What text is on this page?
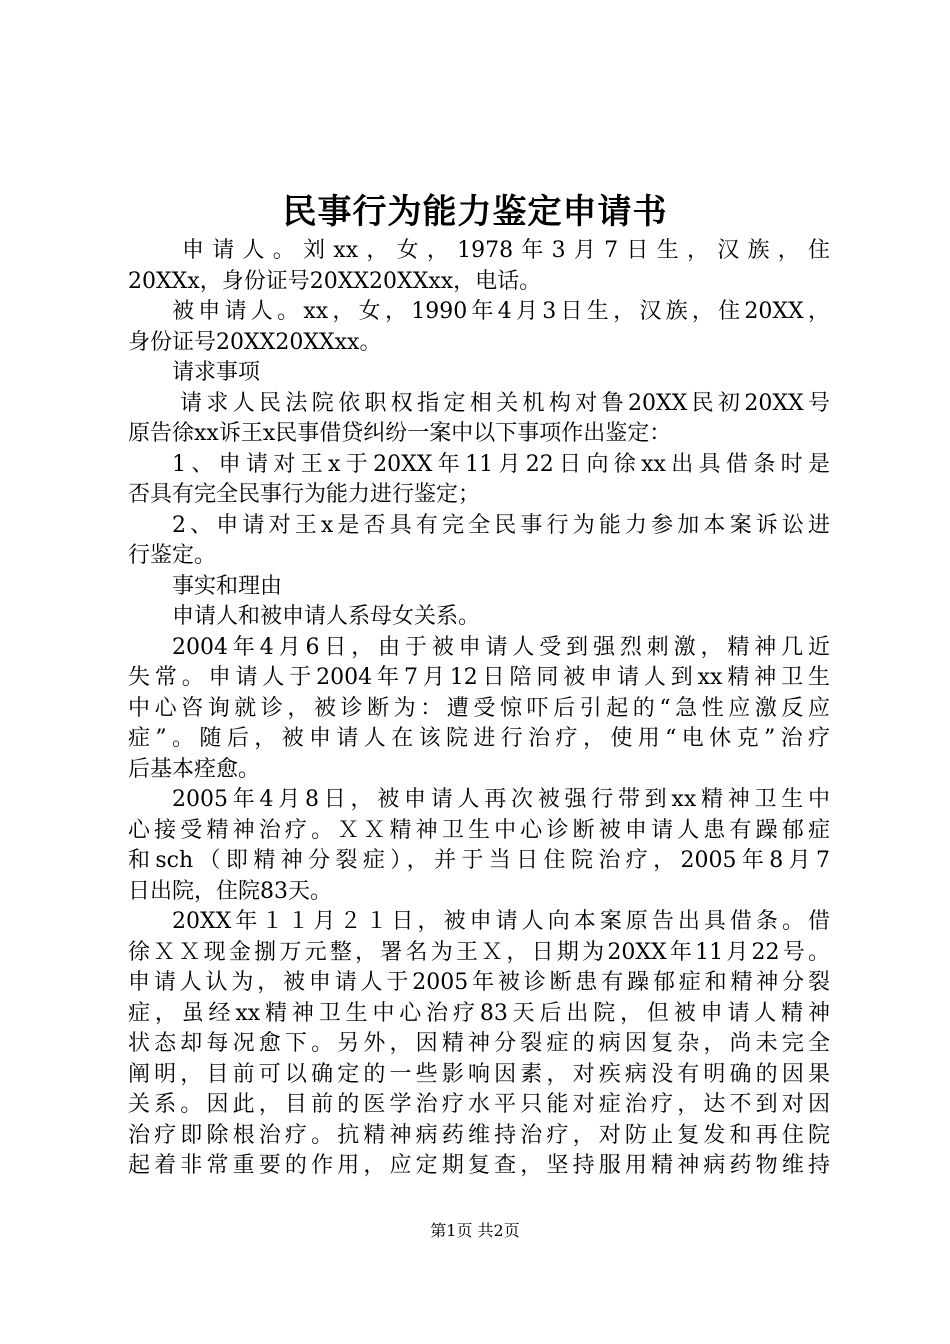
民事行为能力鉴定申请书
申请人。刘xx，女，1978年3月7日生，汉族，住
20XXx，身份证号20XX20XXxx，电话。
被申请人。xx，女，1990年4月3日生，汉族，住20XX，
身份证号20XX20XXxx。
请求事项
请求人民法院依职权指定相关机构对鲁20XX民初20XX号
原告徐xx诉王x民事借贷纠纷一案中以下事项作出鉴定：
1、申请对王x于20XX年11月22日向徐xx出具借条时是
否具有完全民事行为能力进行鉴定；
2、申请对王x是否具有完全民事行为能力参加本案诉讼进
行鉴定。
事实和理由
申请人和被申请人系母女关系。
2004年4月6日，由于被申请人受到强烈刺激，精神几近
失常。申请人于2004年7月12日陪同被申请人到xx精神卫生
中心咨询就诊，被诊断为：遭受惊吓后引起的“急性应激反应
症”。随后，被申请人在该院进行治疗，使用“电休克”治疗
后基本痊愈。
2005年4月8日，被申请人再次被强行带到xx精神卫生中
心接受精神治疗。ＸＸ精神卫生中心诊断被申请人患有躁郁症
和sch（即精神分裂症），并于当日住院治疗，2005年8月7
日出院，住院83天。
20XX年１１月２１日，被申请人向本案原告出具借条。借
徐ＸＸ现金捌万元整，署名为王Ｘ，日期为20XX年11月22号。
申请人认为，被申请人于2005年被诊断患有躁郁症和精神分裂
症，虽经xx精神卫生中心治疗83天后出院，但被申请人精神
状态却每况愈下。另外，因精神分裂症的病因复杂，尚未完全
阐明，目前可以确定的一些影响因素，对疾病没有明确的因果
关系。因此，目前的医学治疗水平只能对症治疗，达不到对因
治疗即除根治疗。抗精神病药维持治疗，对防止复发和再住院
起着非常重要的作用，应定期复查，坚持服用精神病药物维持
第1页 共2页
